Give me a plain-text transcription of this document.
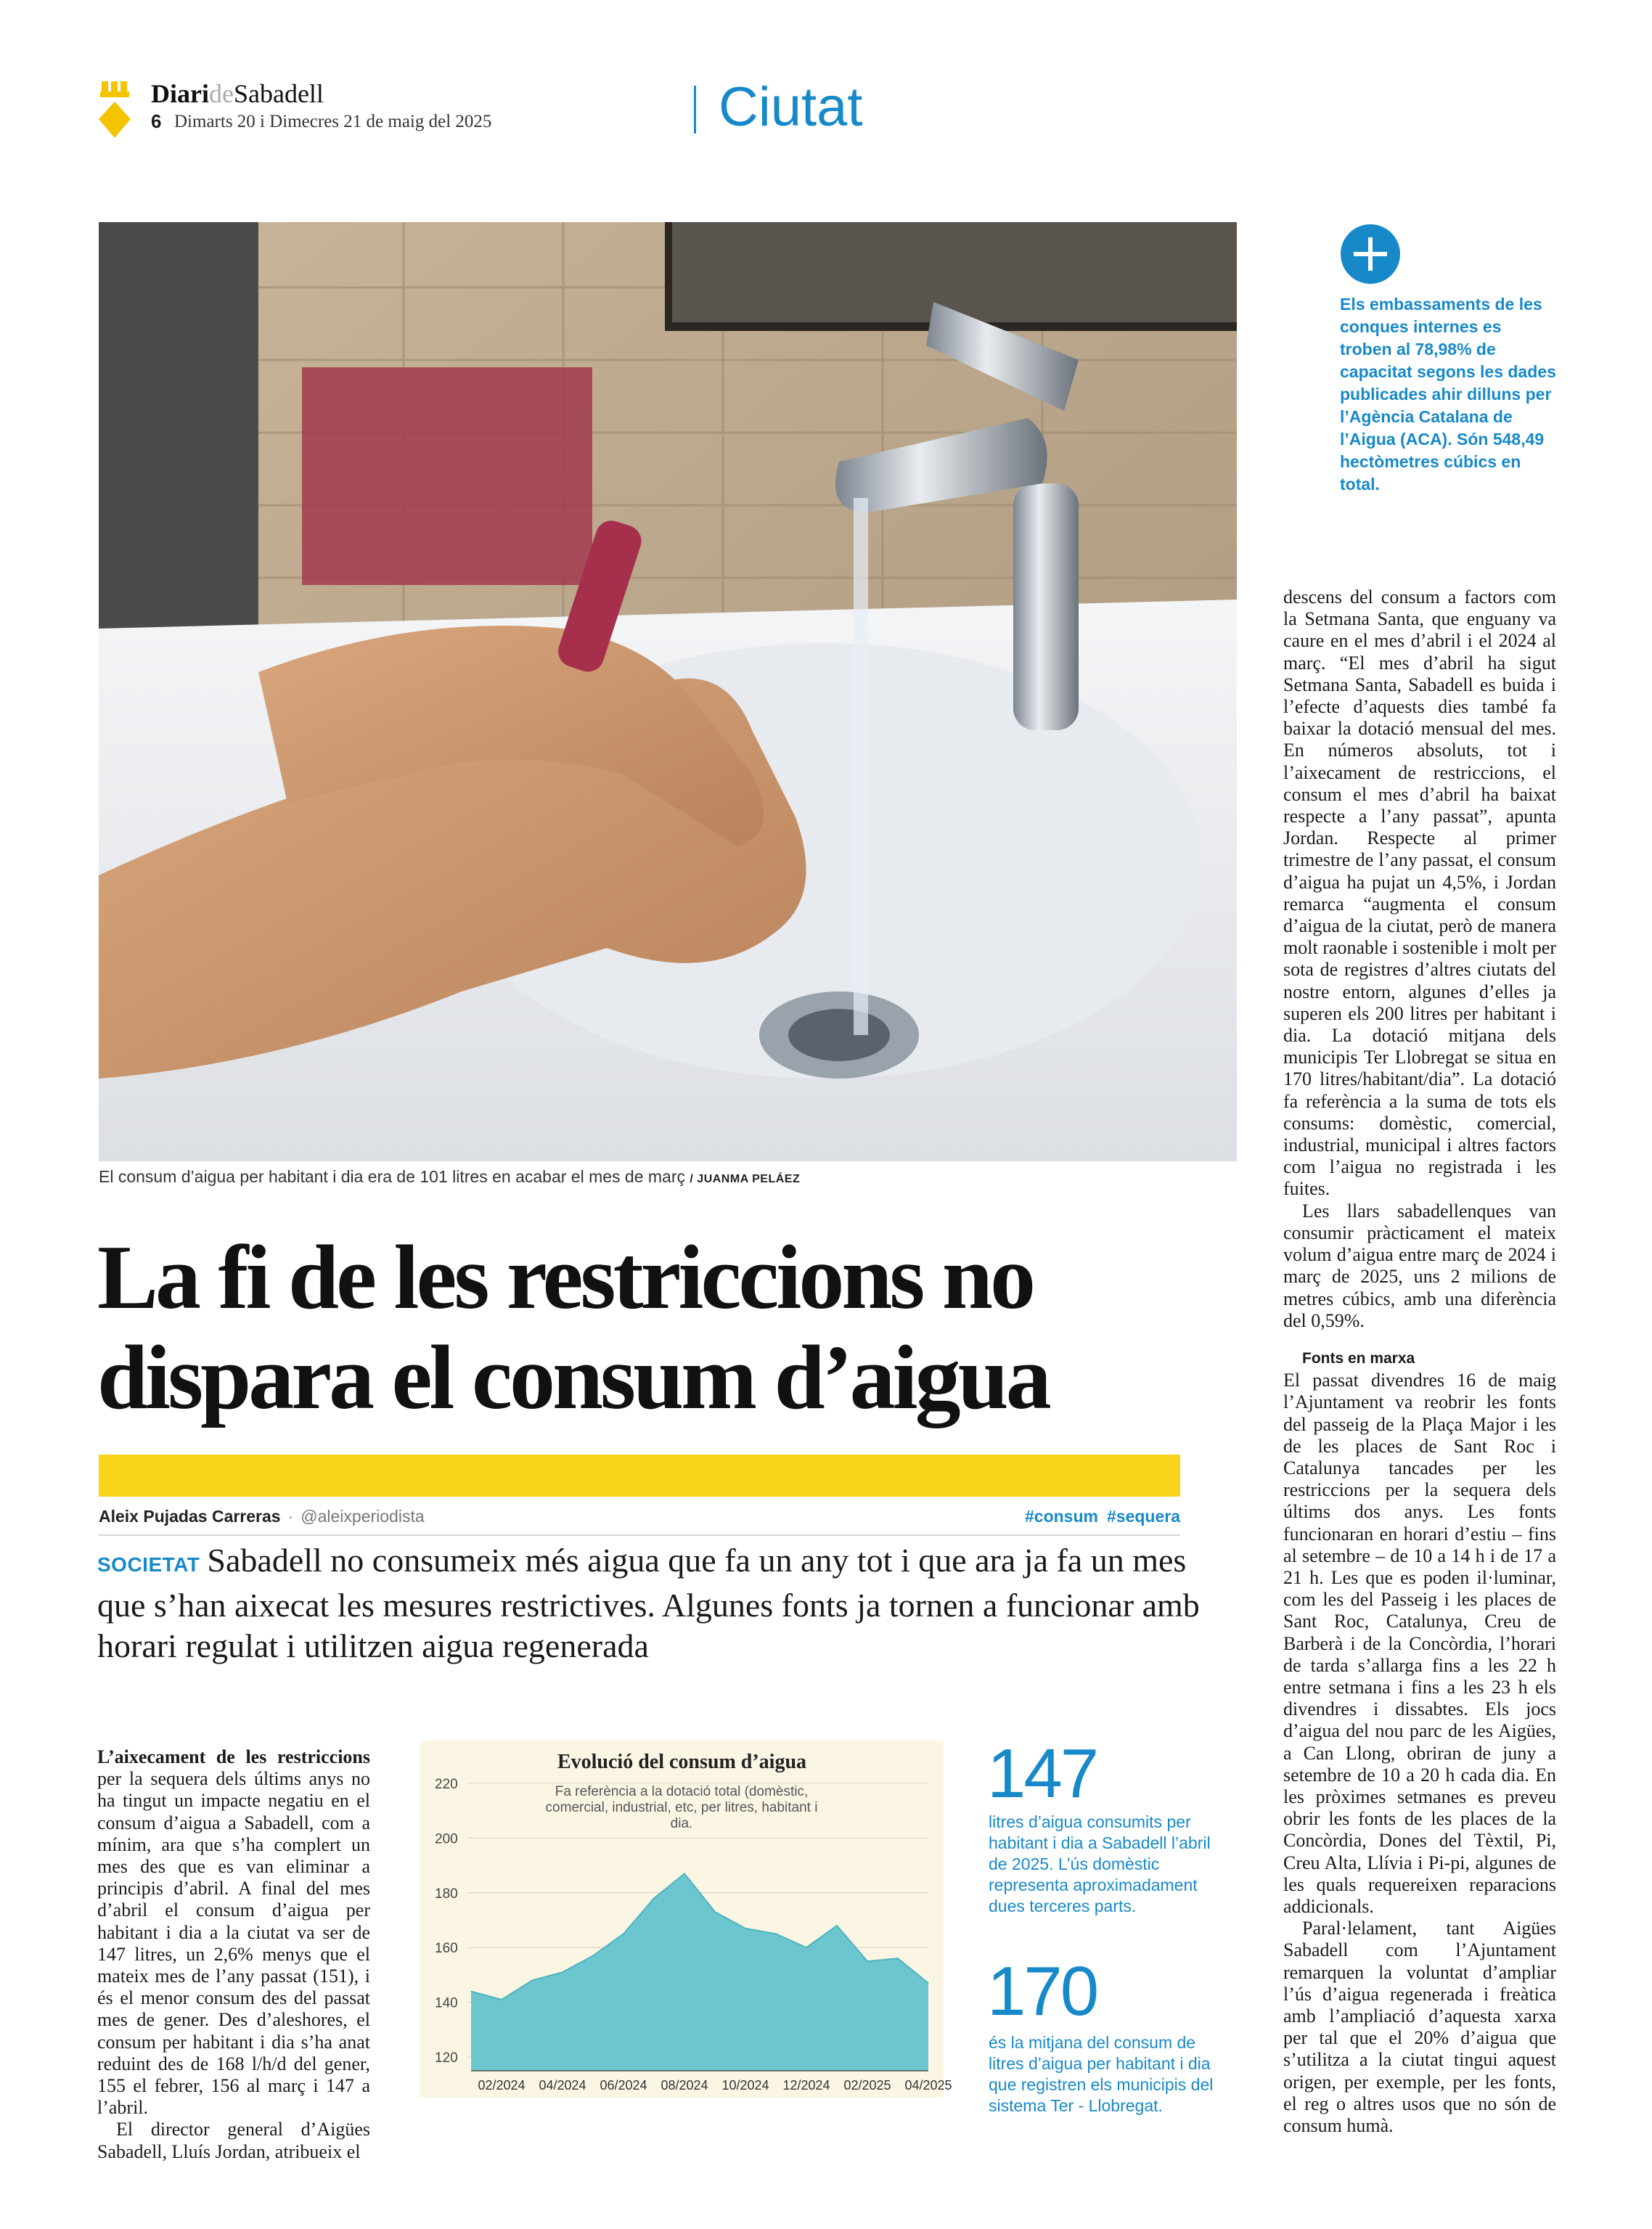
DiarideSabadell
6 Dimarts 20 i Dimecres 21 de maig del 2025	Ciutat
El consum d’aigua per habitant i dia era de 101 litres en acabar el mes de març / JUANMA PELÁEZ
Els embassaments de les conques internes es troben al 78,98% de capacitat segons les dades publicades ahir dilluns per l’Agència Catalana de l’Aigua (ACA). Són 548,49 hectòmetres cúbics en total.
La fi de les restriccions no
dispara el consum d’aigua
Aleix Pujadas Carreras · @aleixperiodista	#consum #sequera
SOCIETAT Sabadell no consumeix més aigua que fa un any tot i que ara ja fa un mes que s’han aixecat les mesures restrictives. Algunes fonts ja tornen a funcionar amb horari regulat i utilitzen aigua regenerada

L’aixecament de les restriccions per la sequera dels últims anys no ha tingut un impacte negatiu en el consum d’aigua a Sabadell, com a mínim, ara que s’ha complert un mes des que es van eliminar a principis d’abril. A final del mes d’abril el consum d’aigua per habitant i dia a la ciutat va ser de 147 litres, un 2,6% menys que el mateix mes de l’any passat (151), i és el menor consum des del passat mes de gener. Des d’aleshores, el consum per habitant i dia s’ha anat reduint des de 168 l/h/d del gener, 155 el febrer, 156 al març i 147 a l’abril.

El director general d’Aigües Sabadell, Lluís Jordan, atribueix el

descens del consum a factors com la Setmana Santa, que enguany va caure en el mes d’abril i el 2024 al març. “El mes d’abril ha sigut Setmana Santa, Sabadell es buida i l’efecte d’aquests dies també fa baixar la dotació mensual del mes. En números absoluts, tot i l’aixecament de restriccions, el consum el mes d’abril ha baixat respecte a l’any passat”, apunta Jordan. Respecte al primer trimestre de l’any passat, el consum d’aigua ha pujat un 4,5%, i Jordan remarca “augmenta el consum d’aigua de la ciutat, però de manera molt raonable i sostenible i molt per sota de registres d’altres ciutats del nostre entorn, algunes d’elles ja superen els 200 litres per habitant i dia. La dotació mitjana dels municipis Ter Llobregat se situa en 170 litres/habitant/dia”. La dotació fa referència a la suma de tots els consums: domèstic, comercial, industrial, municipal i altres factors com l’aigua no registrada i les fuites.

Les llars sabadellenques van consumir pràcticament el mateix volum d’aigua entre març de 2024 i març de 2025, uns 2 milions de metres cúbics, amb una diferència del 0,59%.

Fonts en marxa

El passat divendres 16 de maig l’Ajuntament va reobrir les fonts del passeig de la Plaça Major i les de les places de Sant Roc i Catalunya tancades per les restriccions per la sequera dels últims dos anys. Les fonts funcionaran en horari d’estiu – fins al setembre – de 10 a 14 h i de 17 a 21 h. Les que es poden il·luminar, com les del Passeig i les places de Sant Roc, Catalunya, Creu de Barberà i de la Concòrdia, l’horari de tarda s’allarga fins a les 22 h entre setmana i fins a les 23 h els divendres i dissabtes. Els jocs d’aigua del nou parc de les Aigües, a Can Llong, obriran de juny a setembre de 10 a 20 h cada dia. En les pròximes setmanes es preveu obrir les fonts de les places de la Concòrdia, Dones del Tèxtil, Pi, Creu Alta, Llívia i Pi-pi, algunes de les quals requereixen reparacions addicionals.

Paral·lelament, tant Aigües Sabadell com l’Ajuntament remarquen la voluntat d’ampliar l’ús d’aigua regenerada i freàtica amb l’ampliació d’aquesta xarxa per tal que el 20% d’aigua que s’utilitza a la ciutat tingui aquest origen, per exemple, per les fonts, el reg o altres usos que no són de consum humà.

120
140
160
180
200
220
02/2024 04/2024 06/2024 08/2024 10/2024 12/2024 02/2025 04/2025
Evolució del consum d’aigua
Fa referència a la dotació total (domèstic, comercial, industrial, etc, per litres, habitant i dia.
147
litres d’aigua consumits per habitant i dia a Sabadell l’abril de 2025. L’ús domèstic representa aproximadament dues terceres parts.
170
és la mitjana del consum de litres d’aigua per habitant i dia que registren els municipis del sistema Ter - Llobregat.
